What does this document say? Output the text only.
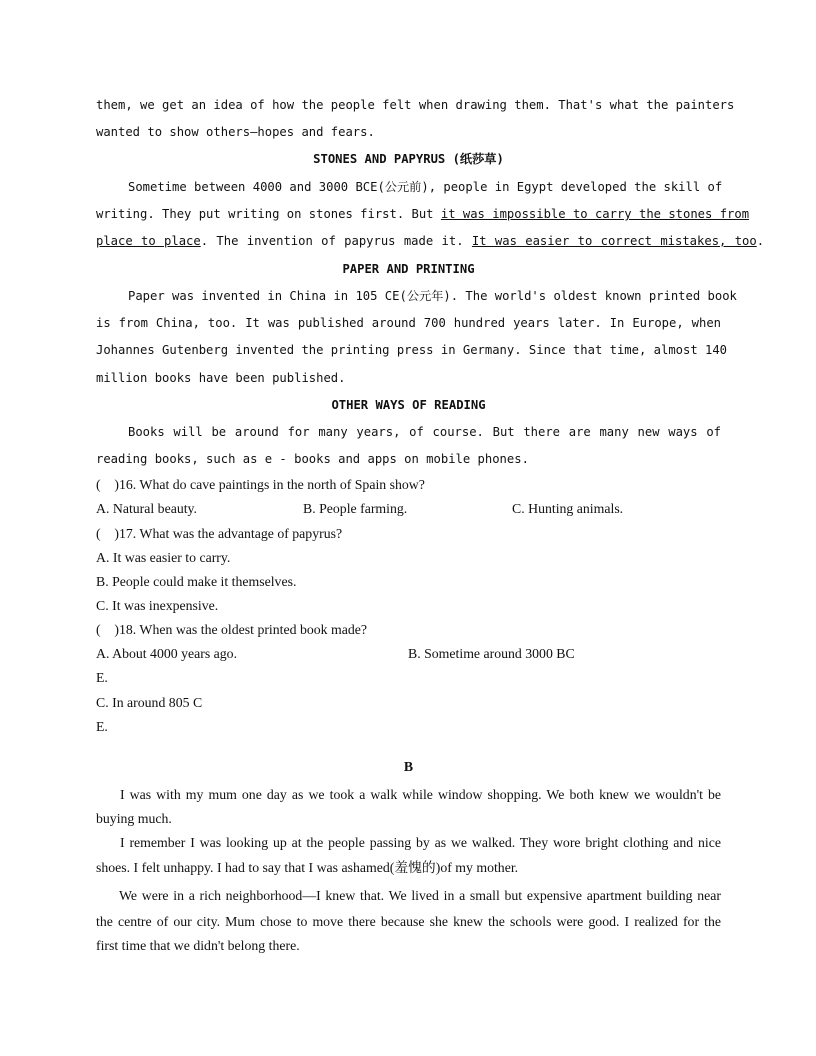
them, we get an idea of how the people felt when drawing them. That's what the painters
wanted to show others—hopes and fears.
STONES AND PAPYRUS (纸莎草)
Sometime between 4000 and 3000 BCE(公元前), people in Egypt developed the skill of
writing. They put writing on stones first. But it was impossible to carry the stones from
place to place. The invention of papyrus made it. It was easier to correct mistakes, too.
PAPER AND PRINTING
Paper was invented in China in 105 CE(公元年). The world's oldest known printed book
is from China, too. It was published around 700 hundred years later. In Europe, when
Johannes Gutenberg invented the printing press in Germany. Since that time, almost 140
million books have been published.
OTHER WAYS OF READING
Books will be around for many years, of course. But there are many new ways of
reading books, such as e - books and apps on mobile phones.
(    )16. What do cave paintings in the north of Spain show?
A. Natural beauty.	B. People farming.	C. Hunting animals.
(    )17. What was the advantage of papyrus?
A. It was easier to carry.
B. People could make it themselves.
C. It was inexpensive.
(    )18. When was the oldest printed book made?
A. About 4000 years ago.	B. Sometime around 3000 BC
E.
C. In around 805 C
E.
B
I was with my mum one day as we took a walk while window shopping. We both knew we wouldn't be
buying much.
I remember I was looking up at the people passing by as we walked. They wore bright clothing and nice
shoes. I felt unhappy. I had to say that I was ashamed(羞愧的)of my mother.
We were in a rich neighborhood—I knew that. We lived in a small but expensive apartment building near
the centre of our city. Mum chose to move there because she knew the schools were good. I realized for the
first time that we didn't belong there.
